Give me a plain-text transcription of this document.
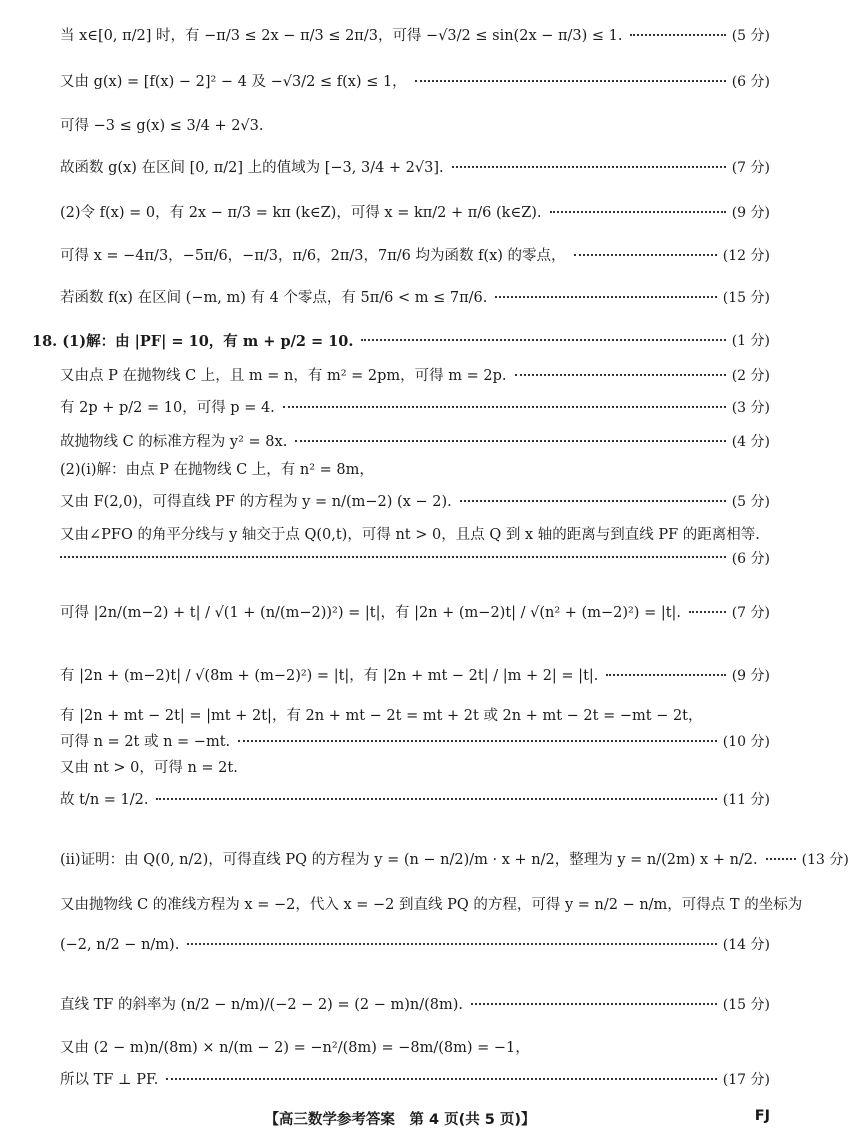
当 x∈[0, π/2] 时，有 −π/3 ≤ 2x − π/3 ≤ 2π/3，可得 −√3/2 ≤ sin(2x − π/3) ≤ 1.	(5 分)
又由 g(x) = [f(x) − 2]² − 4 及 −√3/2 ≤ f(x) ≤ 1，	(6 分)
可得 −3 ≤ g(x) ≤ 3/4 + 2√3.
故函数 g(x) 在区间 [0, π/2] 上的值域为 [−3, 3/4 + 2√3].	(7 分)
(2)令 f(x) = 0，有 2x − π/3 = kπ (k∈Z)，可得 x = kπ/2 + π/6 (k∈Z).	(9 分)
可得 x = −4π/3，−5π/6，−π/3，π/6，2π/3，7π/6 均为函数 f(x) 的零点，	(12 分)
若函数 f(x) 在区间 (−m, m) 有 4 个零点，有 5π/6 < m ≤ 7π/6.	(15 分)
18. (1)解：由 |PF| = 10，有 m + p/2 = 10.	(1 分)
又由点 P 在抛物线 C 上，且 m = n，有 m² = 2pm，可得 m = 2p.	(2 分)
有 2p + p/2 = 10，可得 p = 4.	(3 分)
故抛物线 C 的标准方程为 y² = 8x.	(4 分)
(2)(i)解：由点 P 在抛物线 C 上，有 n² = 8m，
又由 F(2,0)，可得直线 PF 的方程为 y = n/(m−2) (x − 2).	(5 分)
又由∠PFO 的角平分线与 y 轴交于点 Q(0,t)，可得 nt > 0，且点 Q 到 x 轴的距离与到直线 PF 的距离相等.
(6 分)
可得 |2n/(m−2) + t| / √(1 + (n/(m−2))²) = |t|，有 |2n + (m−2)t| / √(n² + (m−2)²) = |t|.	(7 分)
有 |2n + (m−2)t| / √(8m + (m−2)²) = |t|，有 |2n + mt − 2t| / |m + 2| = |t|.	(9 分)
有 |2n + mt − 2t| = |mt + 2t|，有 2n + mt − 2t = mt + 2t 或 2n + mt − 2t = −mt − 2t，
可得 n = 2t 或 n = −mt.	(10 分)
又由 nt > 0，可得 n = 2t.
故 t/n = 1/2.	(11 分)
(ii)证明：由 Q(0, n/2)，可得直线 PQ 的方程为 y = (n − n/2)/m · x + n/2，整理为 y = n/(2m) x + n/2.	(13 分)
又由抛物线 C 的准线方程为 x = −2，代入 x = −2 到直线 PQ 的方程，可得 y = n/2 − n/m，可得点 T 的坐标为
(−2, n/2 − n/m).	(14 分)
直线 TF 的斜率为 (n/2 − n/m)/(−2 − 2) = (2 − m)n/(8m).	(15 分)
又由 (2 − m)n/(8m) × n/(m − 2) = −n²/(8m) = −8m/(8m) = −1，
所以 TF ⊥ PF.	(17 分)
【高三数学参考答案　第 4 页(共 5 页)】	FJ
